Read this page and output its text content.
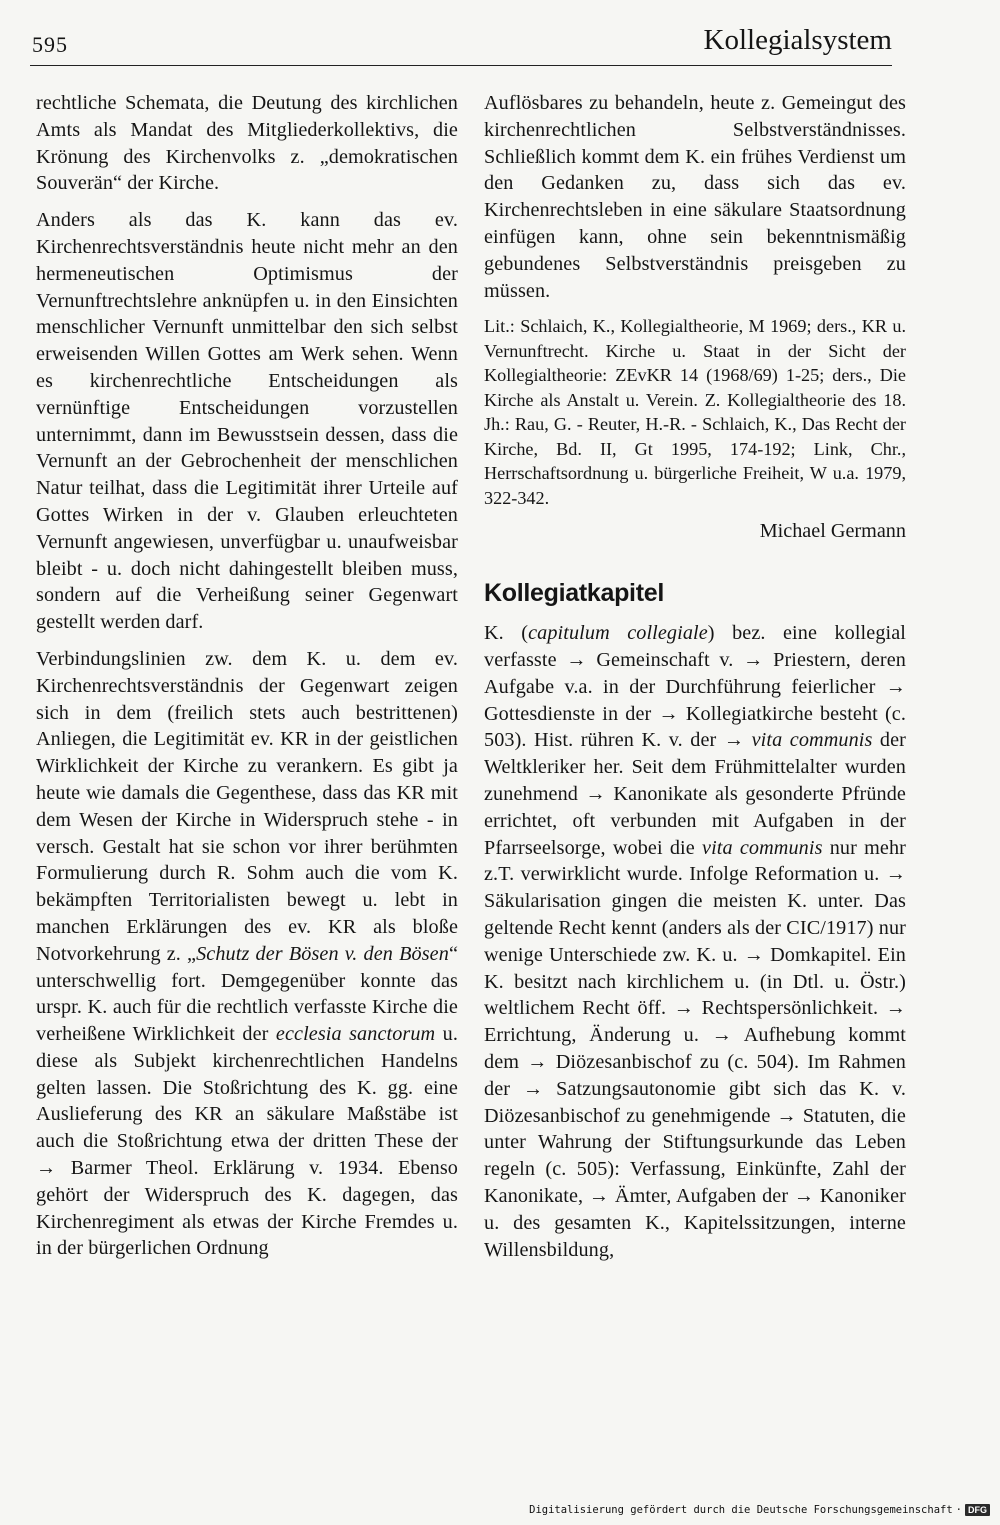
595	Kollegialsystem

rechtliche Schemata, die Deutung des kirchlichen Amts als Mandat des Mitgliederkollektivs, die Krönung des Kirchenvolks z. „demokratischen Souverän“ der Kirche.

Anders als das K. kann das ev. Kirchenrechtsverständnis heute nicht mehr an den hermeneutischen Optimismus der Vernunftrechtslehre anknüpfen u. in den Einsichten menschlicher Vernunft unmittelbar den sich selbst erweisenden Willen Gottes am Werk sehen. Wenn es kirchenrechtliche Entscheidungen als vernünftige Entscheidungen vorzustellen unternimmt, dann im Bewusstsein dessen, dass die Vernunft an der Gebrochenheit der menschlichen Natur teilhat, dass die Legitimität ihrer Urteile auf Gottes Wirken in der v. Glauben erleuchteten Vernunft angewiesen, unverfügbar u. unaufweisbar bleibt - u. doch nicht dahingestellt bleiben muss, sondern auf die Verheißung seiner Gegenwart gestellt werden darf.

Verbindungslinien zw. dem K. u. dem ev. Kirchenrechtsverständnis der Gegenwart zeigen sich in dem (freilich stets auch bestrittenen) Anliegen, die Legitimität ev. KR in der geistlichen Wirklichkeit der Kirche zu verankern. Es gibt ja heute wie damals die Gegenthese, dass das KR mit dem Wesen der Kirche in Widerspruch stehe - in versch. Gestalt hat sie schon vor ihrer berühmten Formulierung durch R. Sohm auch die vom K. bekämpften Territorialisten bewegt u. lebt in manchen Erklärungen des ev. KR als bloße Notvorkehrung z. „Schutz der Bösen v. den Bösen“ unterschwellig fort. Demgegenüber konnte das urspr. K. auch für die rechtlich verfasste Kirche die verheißene Wirklichkeit der ecclesia sanctorum u. diese als Subjekt kirchenrechtlichen Handelns gelten lassen. Die Stoßrichtung des K. gg. eine Auslieferung des KR an säkulare Maßstäbe ist auch die Stoßrichtung etwa der dritten These der → Barmer Theol. Erklärung v. 1934. Ebenso gehört der Widerspruch des K. dagegen, das Kirchenregiment als etwas der Kirche Fremdes u. in der bürgerlichen Ordnung

Auflösbares zu behandeln, heute z. Gemeingut des kirchenrechtlichen Selbstverständnisses. Schließlich kommt dem K. ein frühes Verdienst um den Gedanken zu, dass sich das ev. Kirchenrechtsleben in eine säkulare Staatsordnung einfügen kann, ohne sein bekenntnismäßig gebundenes Selbstverständnis preisgeben zu müssen.

Lit.: Schlaich, K., Kollegialtheorie, M 1969; ders., KR u. Vernunftrecht. Kirche u. Staat in der Sicht der Kollegialtheorie: ZEvKR 14 (1968/69) 1-25; ders., Die Kirche als Anstalt u. Verein. Z. Kollegialtheorie des 18. Jh.: Rau, G. - Reuter, H.-R. - Schlaich, K., Das Recht der Kirche, Bd. II, Gt 1995, 174-192; Link, Chr., Herrschaftsordnung u. bürgerliche Freiheit, W u.a. 1979, 322-342.

Michael Germann

Kollegiatkapitel

K. (capitulum collegiale) bez. eine kollegial verfasste → Gemeinschaft v. → Priestern, deren Aufgabe v.a. in der Durchführung feierlicher → Gottesdienste in der → Kollegiatkirche besteht (c. 503). Hist. rühren K. v. der → vita communis der Weltkleriker her. Seit dem Frühmittelalter wurden zunehmend → Kanonikate als gesonderte Pfründe errichtet, oft verbunden mit Aufgaben in der Pfarrseelsorge, wobei die vita communis nur mehr z.T. verwirklicht wurde. Infolge Reformation u. → Säkularisation gingen die meisten K. unter. Das geltende Recht kennt (anders als der CIC/1917) nur wenige Unterschiede zw. K. u. → Domkapitel. Ein K. besitzt nach kirchlichem u. (in Dtl. u. Östr.) weltlichem Recht öff. → Rechtspersönlichkeit. → Errichtung, Änderung u. → Aufhebung kommt dem → Diözesanbischof zu (c. 504). Im Rahmen der → Satzungsautonomie gibt sich das K. v. Diözesanbischof zu genehmigende → Statuten, die unter Wahrung der Stiftungsurkunde das Leben regeln (c. 505): Verfassung, Einkünfte, Zahl der Kanonikate, → Ämter, Aufgaben der → Kanoniker u. des gesamten K., Kapitelssitzungen, interne Willensbildung,

Digitalisierung gefördert durch die Deutsche Forschungsgemeinschaft · DFG
